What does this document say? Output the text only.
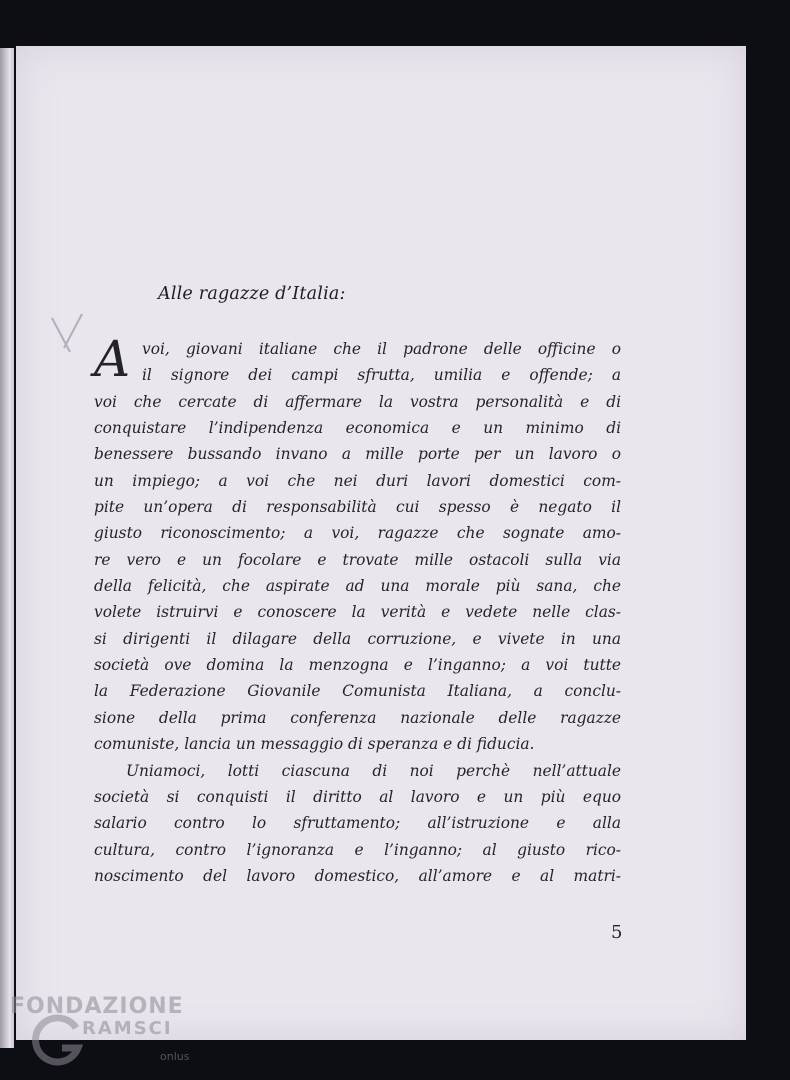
Alle ragazze d’Italia:
A voi, giovani italiane che il padrone delle officine o
il signore dei campi sfrutta, umilia e offende; a
voi che cercate di affermare la vostra personalità e di
conquistare l’indipendenza economica e un minimo di
benessere bussando invano a mille porte per un lavoro o
un impiego; a voi che nei duri lavori domestici com-
pite un’opera di responsabilità cui spesso è negato il
giusto riconoscimento; a voi, ragazze che sognate amo-
re vero e un focolare e trovate mille ostacoli sulla via
della felicità, che aspirate ad una morale più sana, che
volete istruirvi e conoscere la verità e vedete nelle clas-
si dirigenti il dilagare della corruzione, e vivete in una
società ove domina la menzogna e l’inganno; a voi tutte
la Federazione Giovanile Comunista Italiana, a conclu-
sione della prima conferenza nazionale delle ragazze
comuniste, lancia un messaggio di speranza e di fiducia.
Uniamoci, lotti ciascuna di noi perchè nell’attuale
società si conquisti il diritto al lavoro e un più equo
salario contro lo sfruttamento; all’istruzione e alla
cultura, contro l’ignoranza e l’inganno; al giusto rico-
noscimento del lavoro domestico, all’amore e al matri-
5
FONDAZIONE
RAMSCI
onlus
